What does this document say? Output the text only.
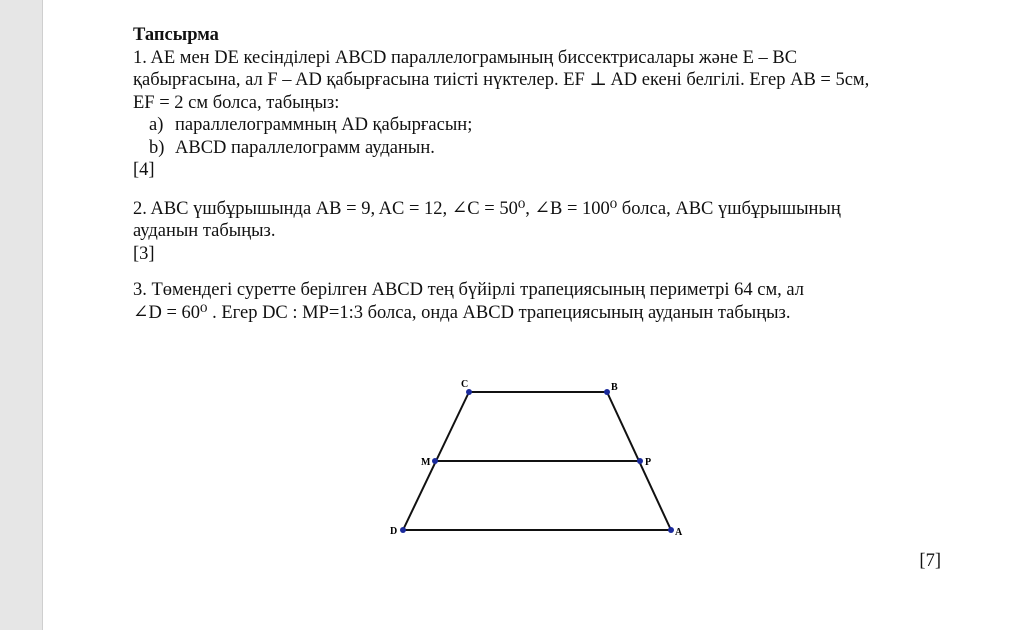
Тапсырма

1. AE мен DE кесінділері ABCD параллелограмының биссектрисалары және E – BC

қабырғасына, ал F – AD қабырғасына тиісті нүктелер. EF ⊥ AD екені белгілі. Егер AB = 5см,

EF = 2 см болса, табыңыз:

a) параллелограммның AD қабырғасын;

b) ABCD параллелограмм ауданын.

[4]

2. ABC үшбұрышында AB = 9, AC = 12, ∠C = 50⁰, ∠B = 100⁰ болса, ABC үшбұрышының

ауданын табыңыз.

[3]

3. Төмендегі суретте берілген ABCD тең бүйірлі трапециясының периметрі 64 см, ал

∠D = 60⁰ . Егер DC : MP=1:3 болса, онда ABCD трапециясының ауданын табыңыз.

[7]

C	B
M	P
D	A
